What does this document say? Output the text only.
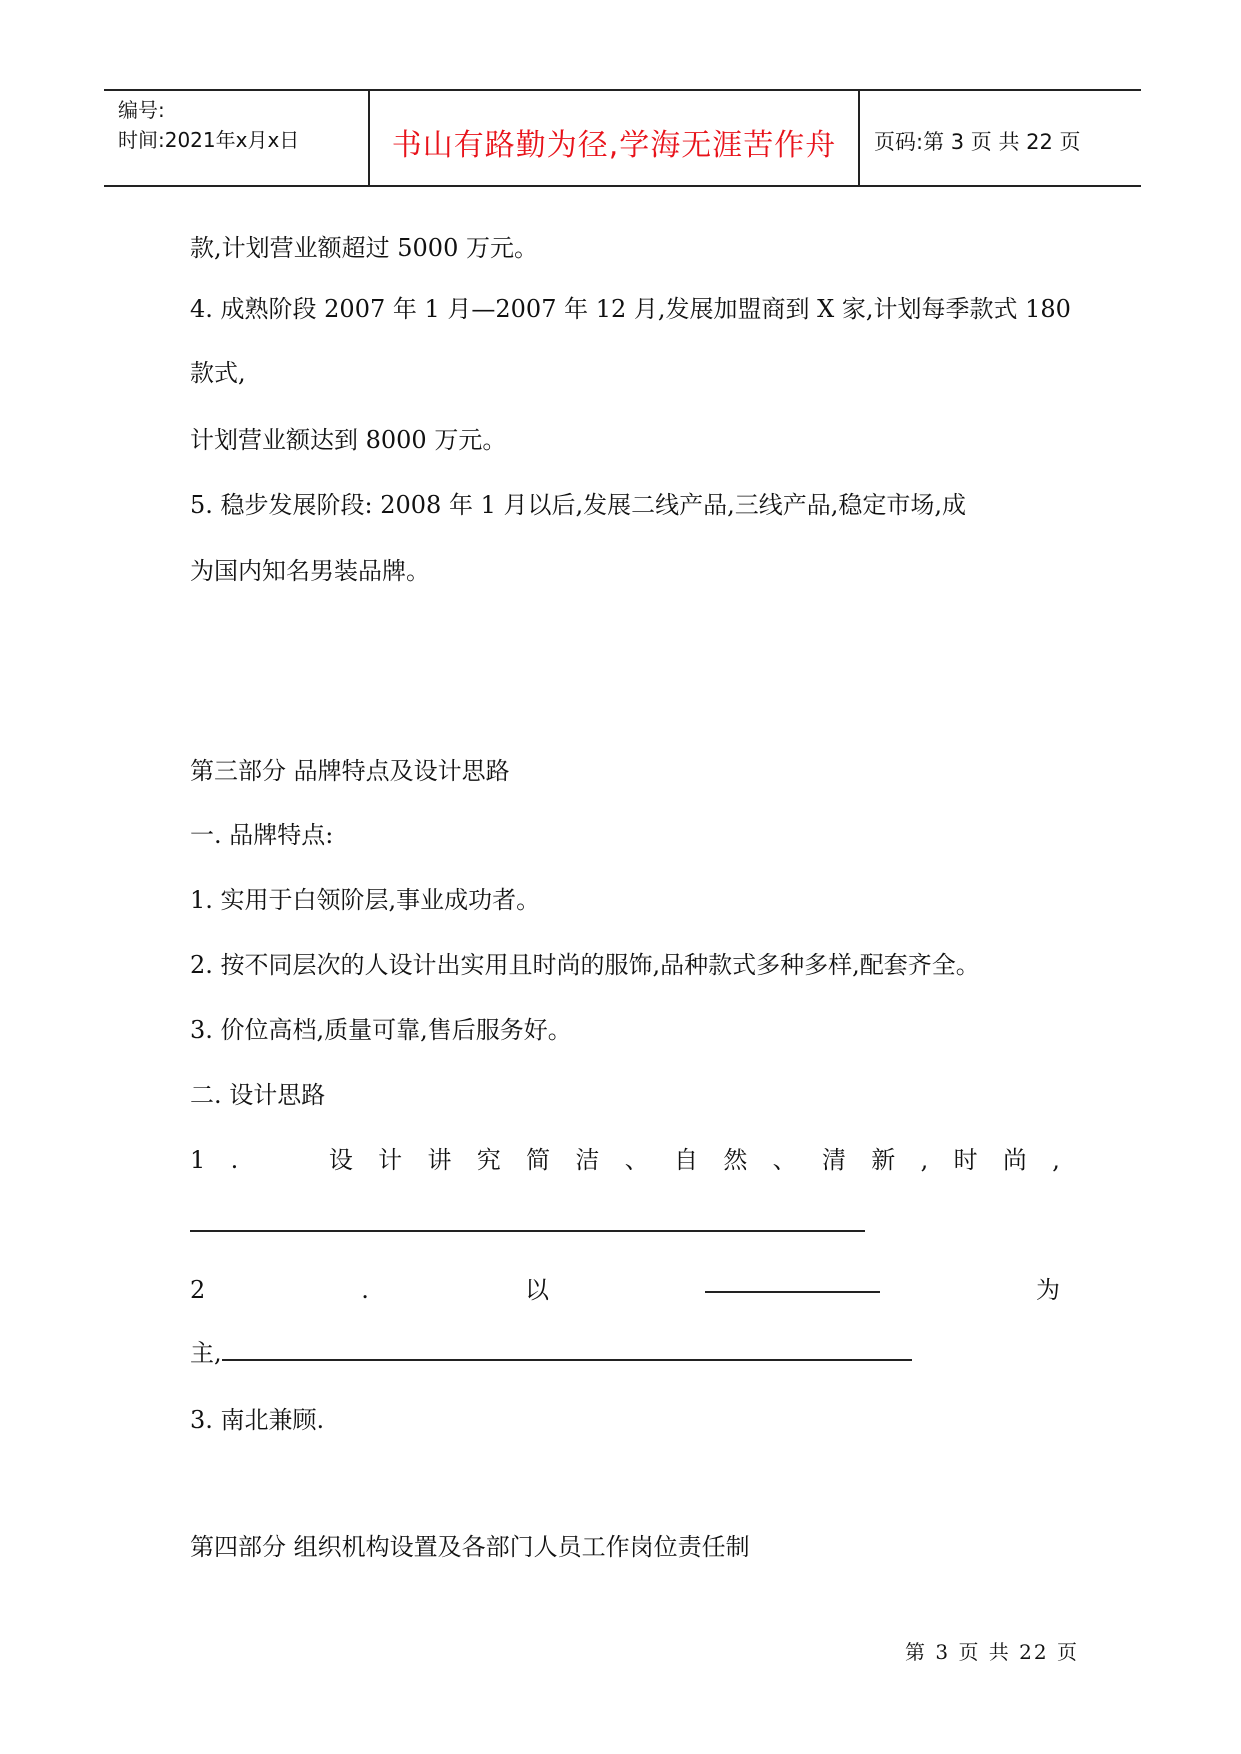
编号:
时间:2021年x月x日	书山有路勤为径,学海无涯苦作舟	页码:第 3 页 共 22 页
款,计划营业额超过 5000 万元。
4. 成熟阶段 2007 年 1 月—2007 年 12 月,发展加盟商到 X 家,计划每季款式 180
款式,
计划营业额达到 8000 万元。
5. 稳步发展阶段: 2008 年 1 月以后,发展二线产品,三线产品,稳定市场,成
为国内知名男装品牌。
第三部分 品牌特点及设计思路
一. 品牌特点:
1. 实用于白领阶层,事业成功者。
2. 按不同层次的人设计出实用且时尚的服饰,品种款式多种多样,配套齐全。
3. 价位高档,质量可靠,售后服务好。
二. 设计思路
1 .	设 计 讲 究 简 洁 、 自 然 、 清 新 , 时 尚 ,
2	.	以	为
主,
3. 南北兼顾.
第四部分 组织机构设置及各部门人员工作岗位责任制
第 3 页 共 22 页
